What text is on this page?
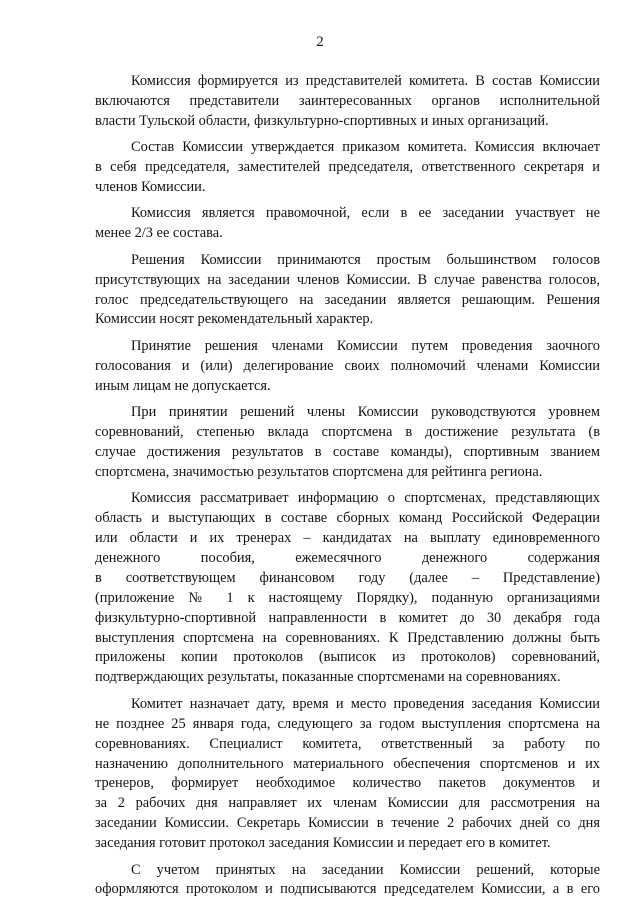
2

Комиссия формируется из представителей комитета. В состав Комиссии
включаются представители заинтересованных органов исполнительной
власти Тульской области, физкультурно-спортивных и иных организаций.

Состав Комиссии утверждается приказом комитета. Комиссия включает
в себя председателя, заместителей председателя, ответственного секретаря и
членов Комиссии.

Комиссия является правомочной, если в ее заседании участвует не
менее 2/3 ее состава.

Решения Комиссии принимаются простым большинством голосов
присутствующих на заседании членов Комиссии. В случае равенства голосов,
голос председательствующего на заседании является решающим. Решения
Комиссии носят рекомендательный характер.

Принятие решения членами Комиссии путем проведения заочного
голосования и (или) делегирование своих полномочий членами Комиссии
иным лицам не допускается.

При принятии решений члены Комиссии руководствуются уровнем
соревнований, степенью вклада спортсмена в достижение результата (в
случае достижения результатов в составе команды), спортивным званием
спортсмена, значимостью результатов спортсмена для рейтинга региона.

Комиссия рассматривает информацию о спортсменах, представляющих
область и выступающих в составе сборных команд Российской Федерации
или области и их тренерах – кандидатах на выплату единовременного
денежного пособия, ежемесячного денежного содержания
в соответствующем финансовом году (далее – Представление)
(приложение № 1 к настоящему Порядку), поданную организациями
физкультурно-спортивной направленности в комитет до 30 декабря года
выступления спортсмена на соревнованиях. К Представлению должны быть
приложены копии протоколов (выписок из протоколов) соревнований,
подтверждающих результаты, показанные спортсменами на соревнованиях.

Комитет назначает дату, время и место проведения заседания Комиссии
не позднее 25 января года, следующего за годом выступления спортсмена на
соревнованиях. Специалист комитета, ответственный за работу по
назначению дополнительного материального обеспечения спортсменов и их
тренеров, формирует необходимое количество пакетов документов и
за 2 рабочих дня направляет их членам Комиссии для рассмотрения на
заседании Комиссии. Секретарь Комиссии в течение 2 рабочих дней со дня
заседания готовит протокол заседания Комиссии и передает его в комитет.

С учетом принятых на заседании Комиссии решений, которые
оформляются протоколом и подписываются председателем Комиссии, а в его
